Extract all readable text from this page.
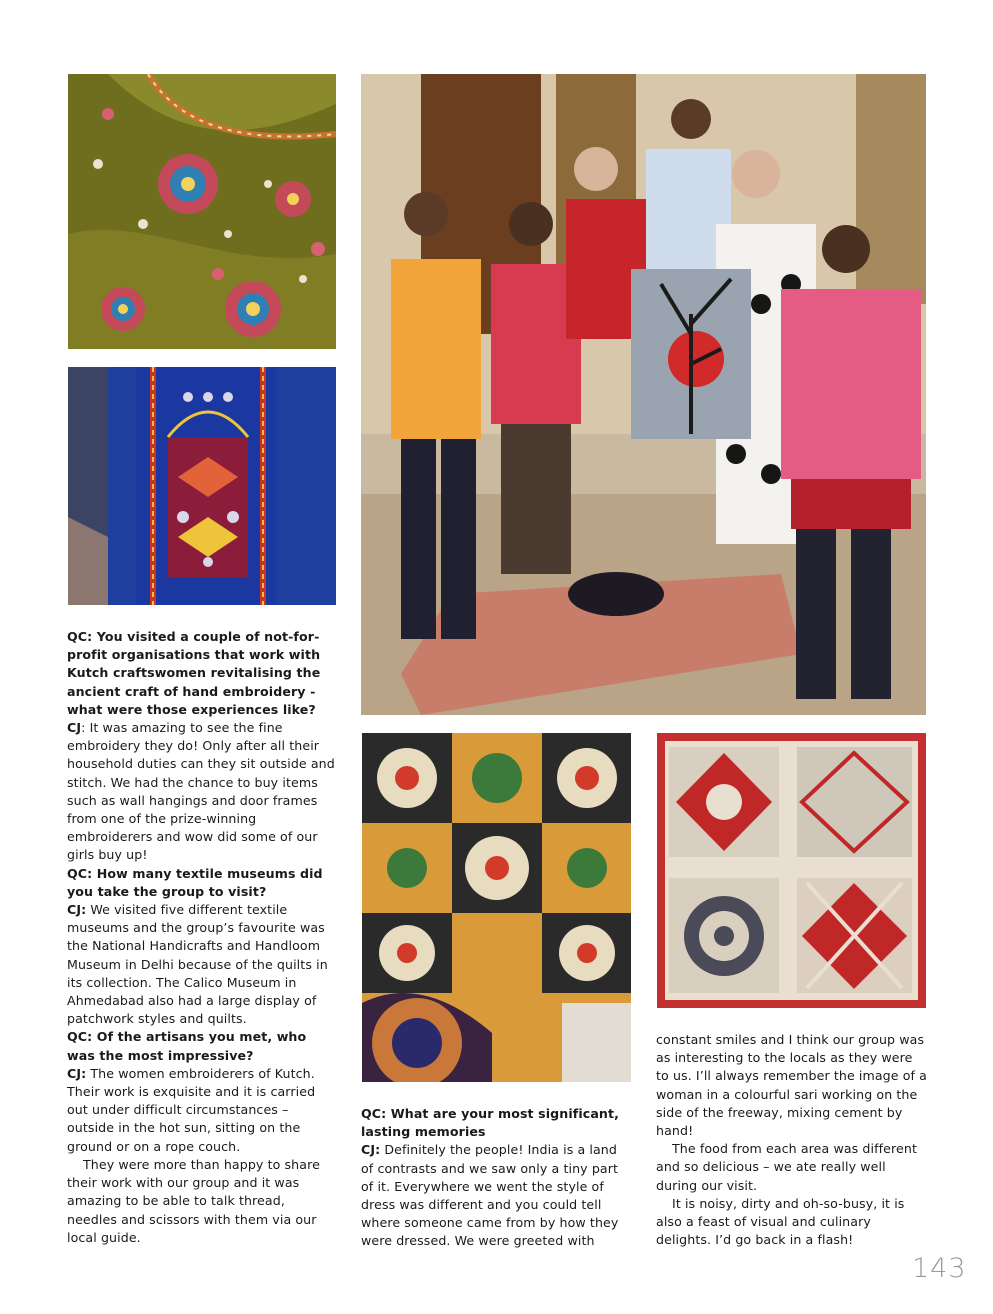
QC: You visited a couple of not-for-profit organisations that work with Kutch craftswomen revitalising the ancient craft of hand embroidery - what were those experiences like?

CJ: It was amazing to see the fine embroidery they do! Only after all their household duties can they sit outside and stitch. We had the chance to buy items such as wall hangings and door frames from one of the prize-winning embroiderers and wow did some of our girls buy up!

QC: How many textile museums did you take the group to visit?

CJ: We visited five different textile museums and the group’s favourite was the National Handicrafts and Handloom Museum in Delhi because of the quilts in its collection. The Calico Museum in Ahmedabad also had a large display of patchwork styles and quilts.

QC: Of the artisans you met, who was the most impressive?

CJ: The women embroiderers of Kutch. Their work is exquisite and it is carried out under difficult circumstances – outside in the hot sun, sitting on the ground or on a rope couch.

They were more than happy to share their work with our group and it was amazing to be able to talk thread, needles and scissors with them via our local guide.

QC: What are your most significant, lasting memories

CJ: Definitely the people! India is a land of contrasts and we saw only a tiny part of it. Everywhere we went the style of dress was different and you could tell where someone came from by how they were dressed. We were greeted with

constant smiles and I think our group was as interesting to the locals as they were to us. I’ll always remember the image of a woman in a colourful sari working on the side of the freeway, mixing cement by hand!

The food from each area was different and so delicious – we ate really well during our visit.

It is noisy, dirty and oh-so-busy, it is also a feast of visual and culinary delights. I’d go back in a flash!

143
